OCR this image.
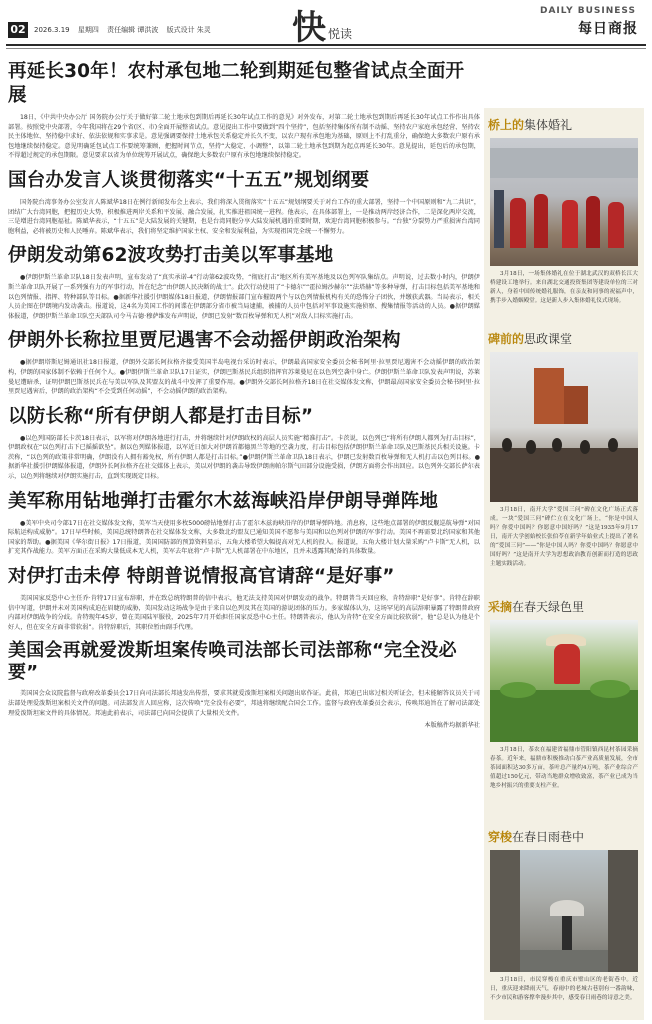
02	2026.3.19 星期四 责任编辑 谭洪波 版式设计 朱灵 快 悦读
DAILY BUSINESS
每日商报
再延长30年！农村承包地二轮到期延包整省试点全面开展
18日，《中共中央办公厅 国务院办公厅关于做好第二轮土地承包到期后再延长30年试点工作的意见》对外发布，对第二轮土地承包到期后再延长30年试点工作作出具体部署。按照党中央部署，今年我国将在29个省(区、市)全面开展整省试点。意见提出工作中要做到“四个坚持”，包括坚持集体所有制不动摇、坚持农户家庭承包经营、坚持农民主体地位、坚持稳中求好、依法依规和实事求是。意见强调要保持土地承包关系稳定并长久不变，以农户现有承包地为基础，原则上不打乱重分，确保绝大多数农户原有承包地继续保持稳定。意见明确延包试点工作要统筹兼顾，把握时间节点，坚持“大稳定、小调整”，以第二轮土地承包到期为起点再延长30年。意见提出，延包后的承包期，不得超过规定的承包期限。意见要求以省为单位统筹开展试点，确保绝大多数农户原有承包地继续保持稳定。
国台办发言人谈贯彻落实“十五五”规划纲要
国务院台湾事务办公室发言人陈斌华18日在例行新闻发布会上表示，我们将深入贯彻落实“十五五”规划纲要关于对台工作的重大部署，坚持一个中国原则和“九二共识”，团结广大台湾同胞，把握历史大势，积极推进两岸关系和平发展、融合发展，扎实推进祖国统一进程。他表示，在具体部署上，一是推动两岸经济合作，二是深化两岸交流，三是增进台湾同胞福祉。陈斌华表示，“十五五”是大陆发展的关键期，也是台湾同胞分享大陆发展机遇的重要时期，欢迎台湾同胞积极参与。“台独”分裂势力严重损害台湾同胞利益，必将被历史和人民唾弃。陈斌华表示，我们将坚定维护国家主权、安全和发展利益，为实现祖国完全统一不懈努力。
伊朗发动第62波攻势打击美以军事基地
●伊朗伊斯兰革命卫队18日发表声明，宣布发动了“真实承诺-4”行动第62波攻势，“彻底打击”地区所有美军基地及以色列军队集结点。声明说，过去数小时内，伊朗伊斯兰革命卫队开展了一系列强有力的军事行动，旨在纪念“由伊朗人民决断的战士”。此次行动使用了“卡德尔”“霍拉姆沙赫尔”“法塔赫”等多种导弹，打击目标包括美军基地和以色列情报、指挥、特种部队等目标。●据新华社援引伊朗媒体18日报道，伊朗情报部门宣布摧毁两个与以色列情报机构有关的恐怖分子团伙，并缴获武器。当局表示，相关人员企图在伊朗境内发动袭击。报道说，这4名为美国工作的间谍在伊朗部分省市被当局逮捕，被捕的人员中包括对军事设施实施侦察、搜集情报等活动的人员。●据伊朗媒体报道，伊朗伊斯兰革命卫队空天部队司令马吉德·穆萨维发布声明说，伊朗已发射“数百枚导弹和无人机”对敌人目标实施打击。
伊朗外长称拉里贾尼遇害不会动摇伊朗政治架构
●据伊朗塔斯尼姆通讯社18日报道，伊朗外交部长阿拉格齐接受美国半岛电视台采访时表示，伊朗最高国家安全委员会秘书阿里·拉里贾尼遇害不会动摇伊朗的政治架构，伊朗的国家体制不依赖于任何个人。●伊朗伊斯兰革命卫队17日证实，伊朗巴斯基民兵组织指挥官苏莱曼尼在以色列空袭中身亡。伊朗伊斯兰革命卫队发表声明说，苏莱曼尼遭暗杀，证明伊朗巴斯基民兵在与美以军队及其盟友的战斗中发挥了重要作用。●伊朗外交部长阿拉格齐18日在社交媒体发文称，伊朗最高国家安全委员会秘书阿里·拉里贾尼遇害后，伊朗的政治架构“不会受到任何动摇”，不会动摇伊朗的政治架构。
以防长称“所有伊朗人都是打击目标”
●以色列国防部长卡茨18日表示，以军将对伊朗各地进行打击，并将继续针对伊朗政权的高层人员实施“精准打击”。卡茨说，以色列已“将所有伊朗人都列为打击目标”，伊朗政权在“以色列打击下已摇摇欲坠”。据以色列媒体报道，以军近日加大对伊朗首都德黑兰等地的空袭力度，打击目标包括伊朗伊斯兰革命卫队及巴斯基民兵相关设施。卡茨称，“以色列的政策非常明确，伊朗没有人拥有豁免权，所有伊朗人都是打击目标。”●伊朗伊斯兰革命卫队18日表示，伊朗已发射数百枚导弹和无人机打击以色列目标。●据新华社援引伊朗媒体报道，伊朗外长阿拉格齐在社交媒体上表示，美以对伊朗的袭击导致伊朗南帕尔斯气田部分设施受损，伊朗方面将会作出回应。以色列外交部长萨尔表示，以色列将继续对伊朗实施打击，直到实现既定目标。
美军称用钻地弹打击霍尔木兹海峡沿岸伊朗导弹阵地
●美军中央司令部17日在社交媒体发文称，美军当天使用多枚5000磅钻地弹打击了霍尔木兹海峡沿岸的伊朗导弹阵地。消息称，这些地点部署的伊朗反舰巡航导弹“对国际航运构成威胁”。17日早些时候，美国总统特朗普在社交媒体发文称，大多数北约盟友已通知美国不愿参与美国和以色列对伊朗的军事行动。美国不再需要北约国家和其他国家的帮助。●据美国《华尔街日报》17日报道，美国国防部的预算资料显示，五角大楼希望大幅提高对无人机的投入。报道说，五角大楼计划大量采购“卢卡斯”无人机，以扩充其作战能力。美军方面正在采购大量低成本无人机，美军去年底将“卢卡斯”无人机部署在中东地区，且并未透露其配备的具体数量。
对伊打击未停 特朗普说情报高官请辞“是好事”
美国国家反恐中心主任乔·肯特17日宣布辞职，并在致总统特朗普的信中表示，他无法支持美国对伊朗发动的战争。特朗普当天回应称，肯特辞职“是好事”。肯特在辞职信中写道，伊朗并未对美国构成迫在眉睫的威胁，美国发动这场战争是由于来自以色列及其在美国的游说团体的压力。多家媒体认为，这场罕见的高层辞职暴露了特朗普政府内部对伊朗战争的分歧。肯特现年45岁，曾在美国陆军服役，2025年7月开始担任国家反恐中心主任。特朗普表示，他认为肯特“在安全方面比较软弱”，他“总是认为他是个好人，但在安全方面非常软弱”。肯特辞职后，其职位暂由副手代理。
美国会再就爱泼斯坦案传唤司法部长司法部称“完全没必要”
美国国会众议院监督与政府改革委员会17日向司法部长邦迪发出传票，要求其就爱泼斯坦案相关问题出席作证。此前，邦迪已出席过相关听证会，但未能解答议员关于司法部处理爱泼斯坦案相关文件的问题。司法部发言人回应称，这次传唤“完全没有必要”，邦迪将继续配合国会工作。监督与政府改革委员会表示，传唤邦迪旨在了解司法部处理爱泼斯坦案文件的具体情况。邦迪此前表示，司法部已向国会提供了大量相关文件。
本版稿件均据新华社
桥上的 集体婚礼
3月18日，一场集体婚礼在位于湖北武汉的双桥长江大桥建设工地举行。来自湖北交通投资集团等建设单位的三对新人，身着中国传统婚礼服饰，在亲友和同事的祝福声中，携手步入婚姻殿堂。这是新人步入集体婚礼仪式现场。
碑前的 思政课堂
3月18日，南开大学“爱国三问”碑在文化广场正式落成。一块“爱国三问”碑伫立在文化广场上，“你是中国人吗？你爱中国吗？你愿意中国好吗？”这是1935年9月17日，南开大学创始校长张伯苓在新学年始业式上提出了著名的“爱国三问”——“你是中国人吗？你爱中国吗？你愿意中国好吗？”这是南开大学为思想政治教育创新而打造的思政主题实践活动。
采摘 在春天绿色里
3月18日，茶农在福建省福鼎市管阳镇西昆村茶园采摘春茶。近年来，福鼎市积极推动白茶产业高质量发展，全市茶园面积达30多万亩，茶叶总产量约4万吨，茶产业综合产值超过150亿元，带动当地群众增收致富，茶产业已成为当地乡村振兴的重要支柱产业。
穿梭 在春日雨巷中
3月18日，市民穿梭在重庆市璧山区的老街巷中。近日，重庆迎来降雨天气，春雨中的老城古巷别有一番韵味，不少市民和游客撑伞漫步其中，感受春日雨巷的诗意之美。
